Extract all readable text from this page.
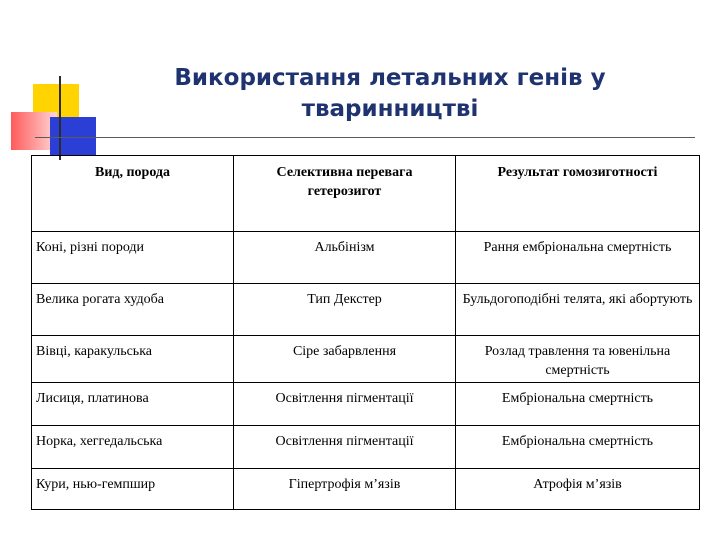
Використання летальних генів у
тваринництві
Вид, порода	Селективна перевага гетерозигот	Результат гомозиготності
Коні, різні породи	Альбінізм	Рання ембріональна смертність
Велика рогата худоба	Тип Декстер	Бульдогоподібні телята, які абортують
Вівці, каракульська	Сіре забарвлення	Розлад травлення та ювенільна смертність
Лисиця, платинова	Освітлення пігментації	Ембріональна смертність
Норка, хеггедальська	Освітлення пігментації	Ембріональна смертність
Кури, нью-гемпшир	Гіпертрофія м’язів	Атрофія м’язів
